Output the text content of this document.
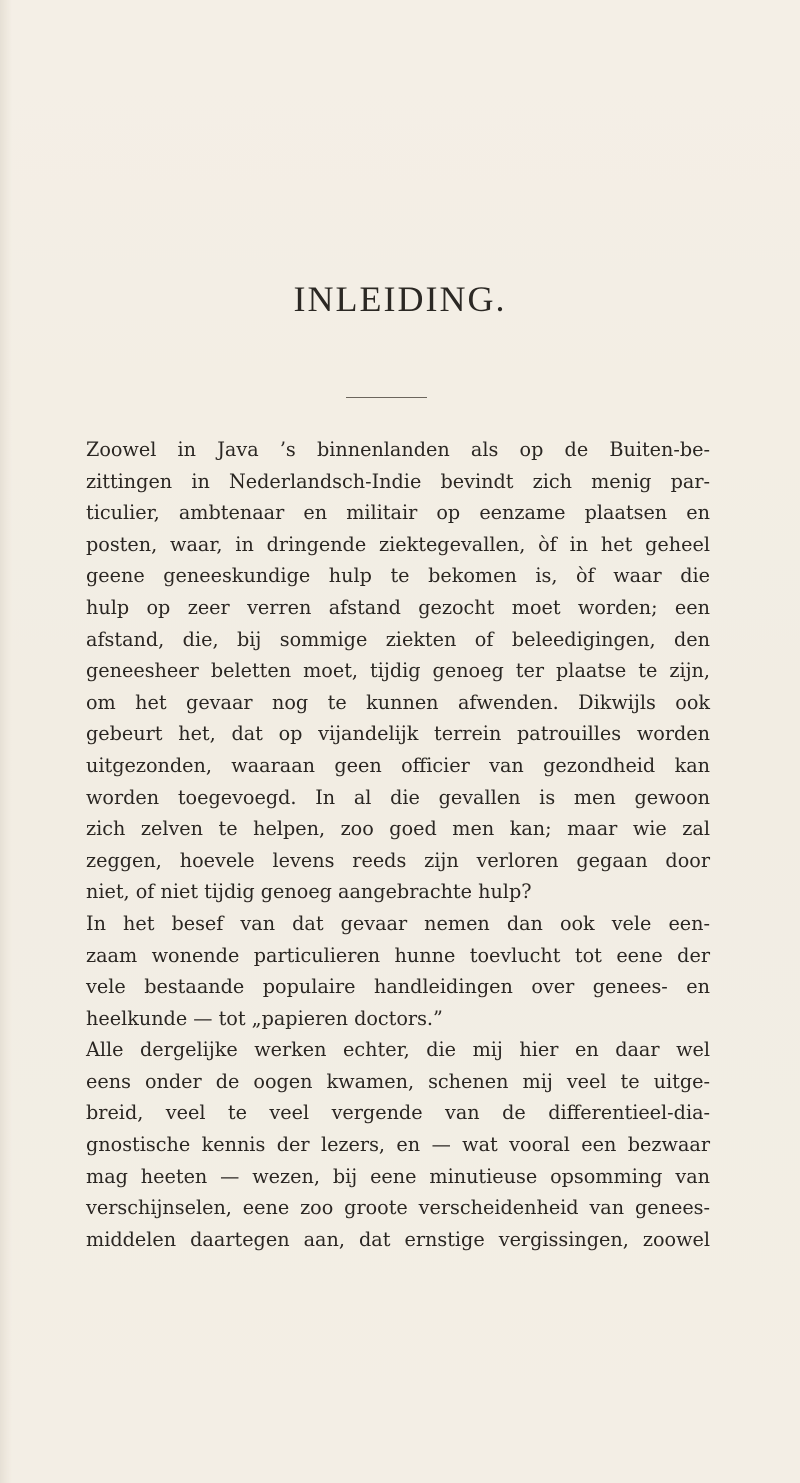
INLEIDING.
Zoowel in Java ’s binnenlanden als op de Buiten-be-
zittingen in Nederlandsch-Indie bevindt zich menig par-
ticulier, ambtenaar en militair op eenzame plaatsen en
posten, waar, in dringende ziektegevallen, òf in het geheel
geene geneeskundige hulp te bekomen is, òf waar die
hulp op zeer verren afstand gezocht moet worden; een
afstand, die, bij sommige ziekten of beleedigingen, den
geneesheer beletten moet, tijdig genoeg ter plaatse te zijn,
om het gevaar nog te kunnen afwenden. Dikwijls ook
gebeurt het, dat op vijandelijk terrein patrouilles worden
uitgezonden, waaraan geen officier van gezondheid kan
worden toegevoegd. In al die gevallen is men gewoon
zich zelven te helpen, zoo goed men kan; maar wie zal
zeggen, hoevele levens reeds zijn verloren gegaan door
niet, of niet tijdig genoeg aangebrachte hulp?
In het besef van dat gevaar nemen dan ook vele een-
zaam wonende particulieren hunne toevlucht tot eene der
vele bestaande populaire handleidingen over genees- en
heelkunde — tot „papieren doctors.”
Alle dergelijke werken echter, die mij hier en daar wel
eens onder de oogen kwamen, schenen mij veel te uitge-
breid, veel te veel vergende van de differentieel-dia-
gnostische kennis der lezers, en — wat vooral een bezwaar
mag heeten — wezen, bij eene minutieuse opsomming van
verschijnselen, eene zoo groote verscheidenheid van genees-
middelen daartegen aan, dat ernstige vergissingen, zoowel
